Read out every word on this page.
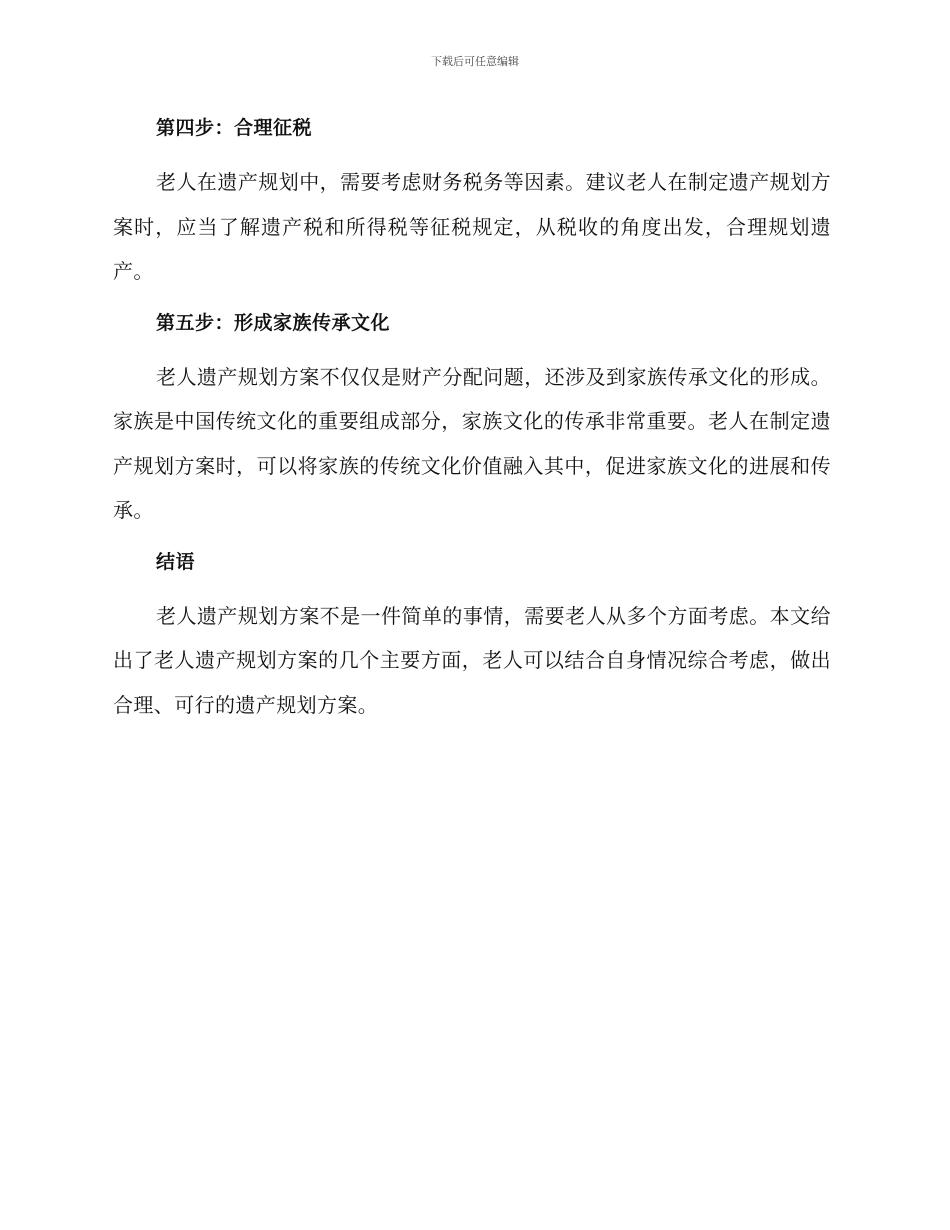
下载后可任意编辑
第四步：合理征税

老人在遗产规划中，需要考虑财务税务等因素。建议老人在制定遗产规划方案时，应当了解遗产税和所得税等征税规定，从税收的角度出发，合理规划遗产。

第五步：形成家族传承文化

老人遗产规划方案不仅仅是财产分配问题，还涉及到家族传承文化的形成。家族是中国传统文化的重要组成部分，家族文化的传承非常重要。老人在制定遗产规划方案时，可以将家族的传统文化价值融入其中，促进家族文化的进展和传承。

结语

老人遗产规划方案不是一件简单的事情，需要老人从多个方面考虑。本文给出了老人遗产规划方案的几个主要方面，老人可以结合自身情况综合考虑，做出合理、可行的遗产规划方案。
